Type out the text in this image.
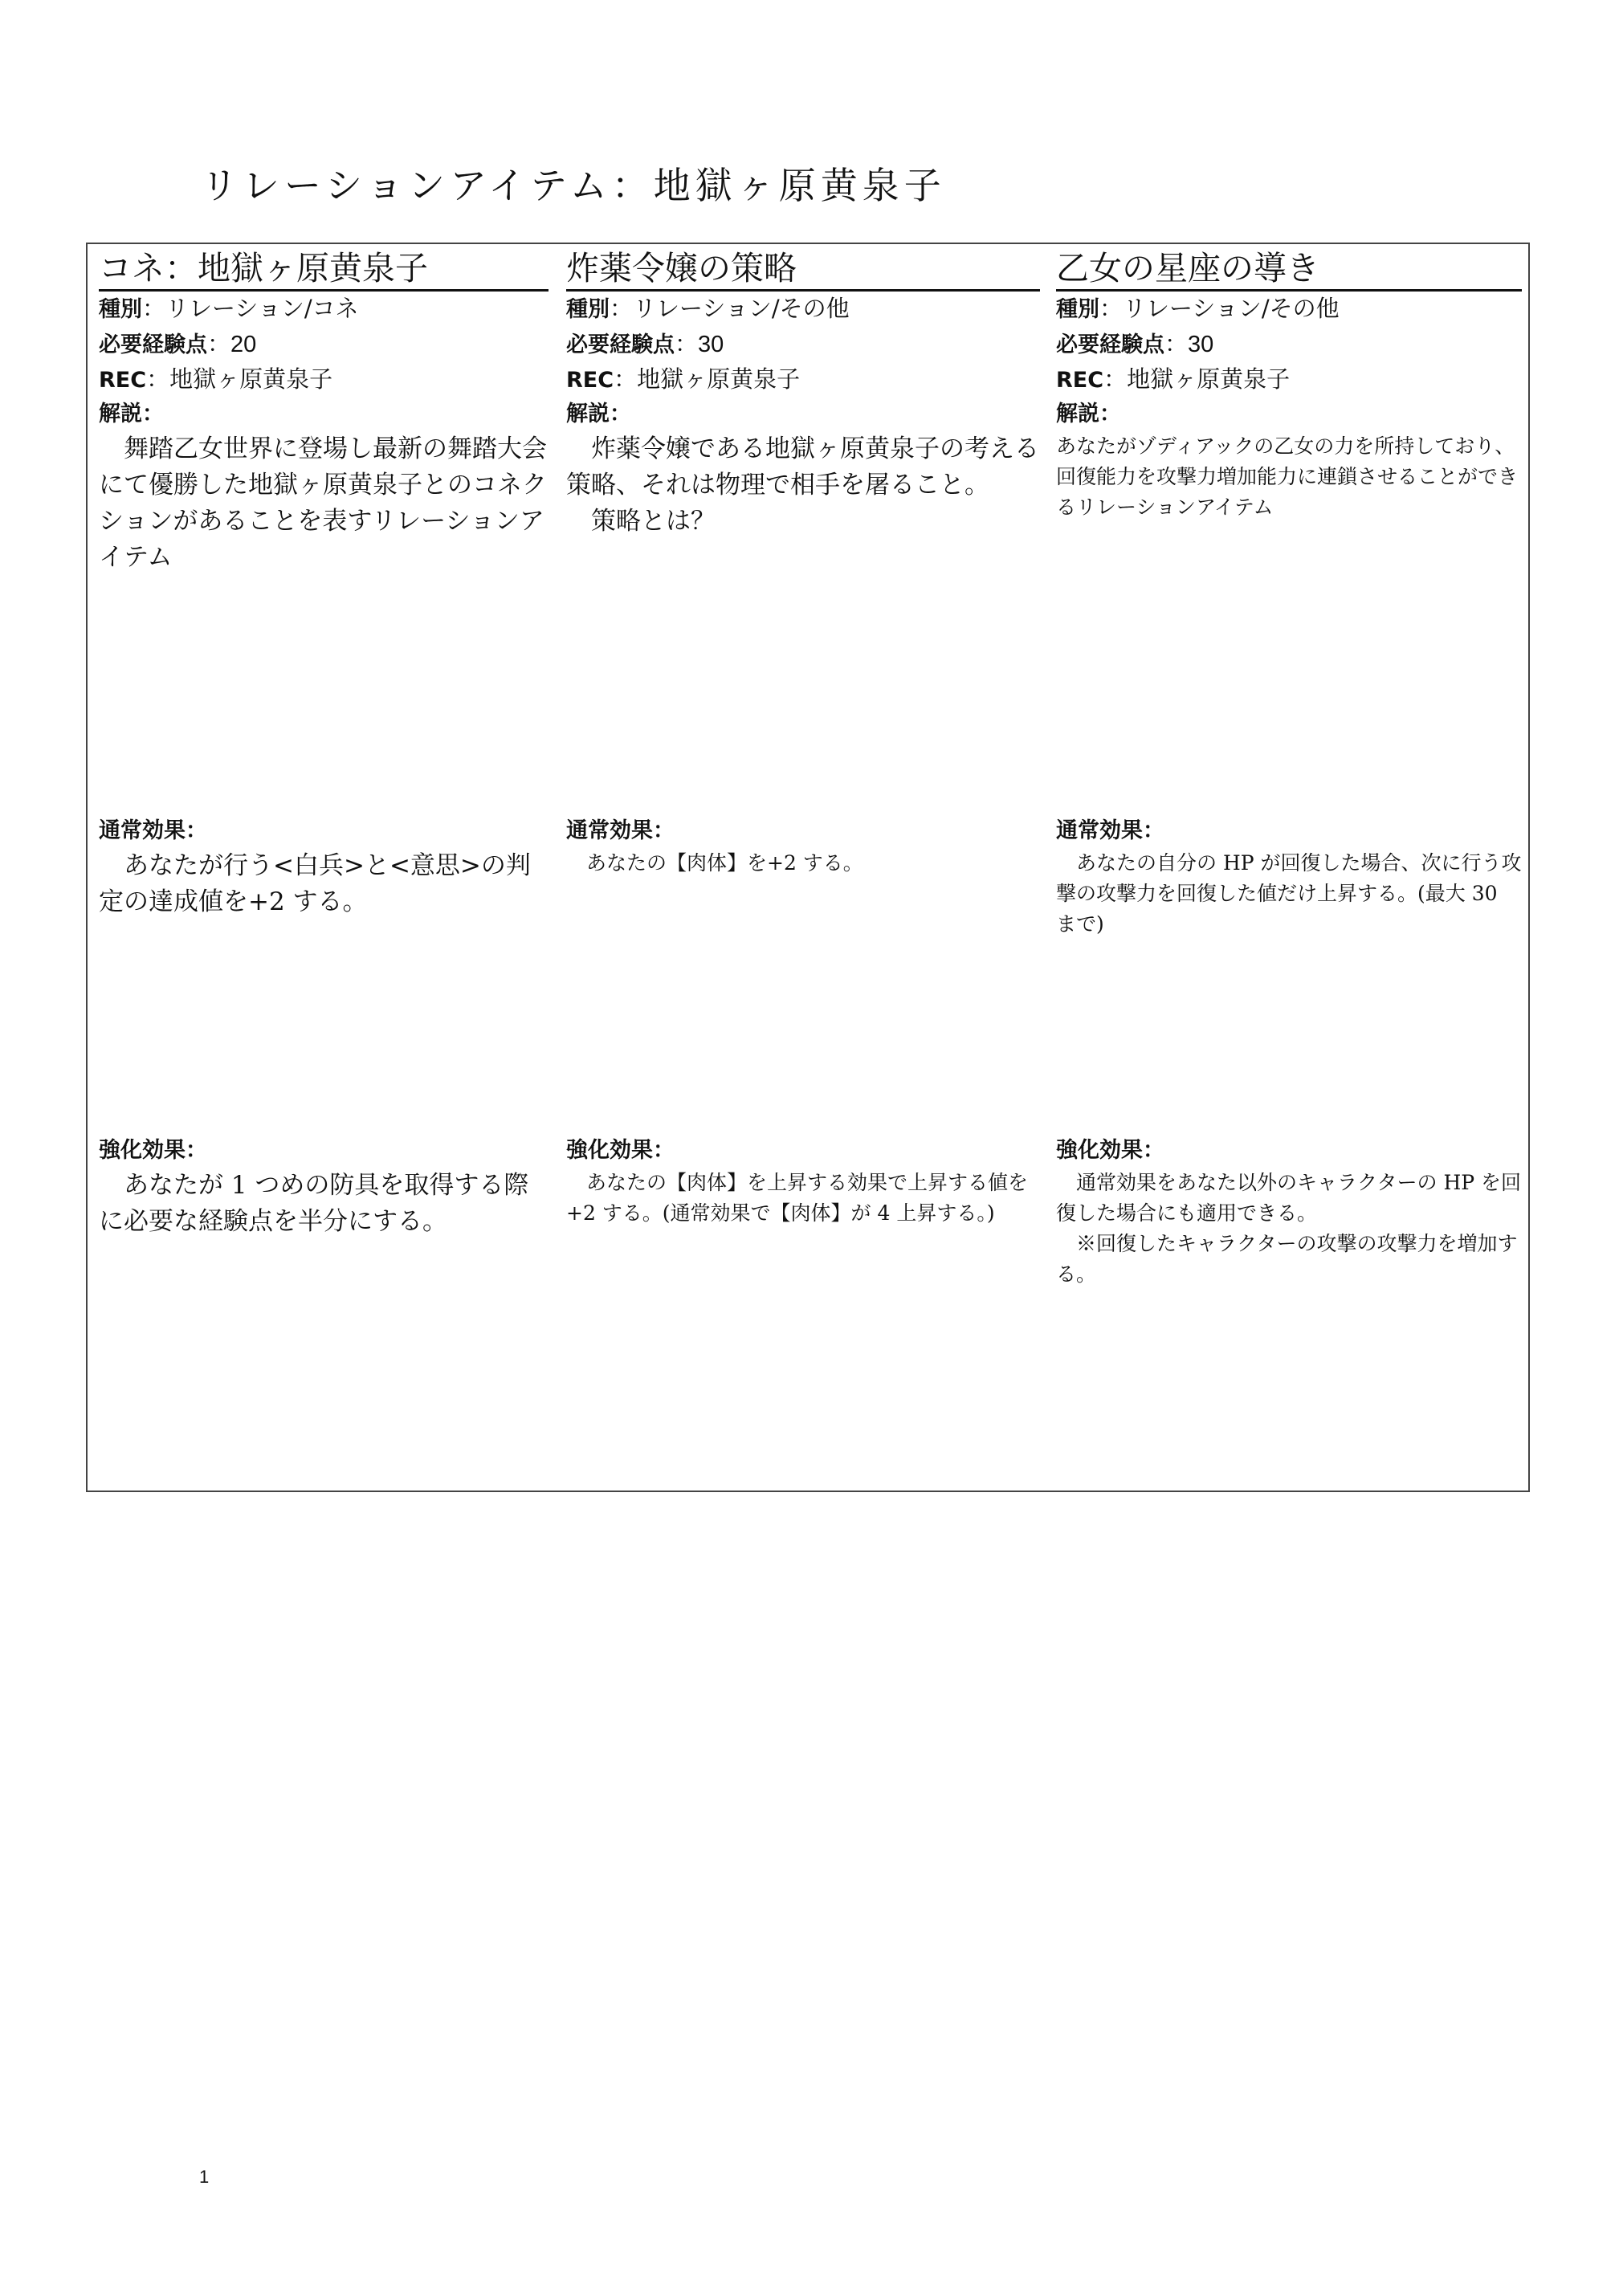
リレーションアイテム：地獄ヶ原黄泉子
コネ：地獄ヶ原黄泉子
種別：リレーション/コネ
必要経験点：20
REC：地獄ヶ原黄泉子
解説：

　舞踏乙女世界に登場し最新の舞踏大会にて優勝した地獄ヶ原黄泉子とのコネクションがあることを表すリレーションアイテム

通常効果：

　あなたが行う<白兵>と<意思>の判定の達成値を+2 する。

強化効果：

　あなたが 1 つめの防具を取得する際に必要な経験点を半分にする。

炸薬令嬢の策略
種別：リレーション/その他
必要経験点：30
REC：地獄ヶ原黄泉子
解説：

　炸薬令嬢である地獄ヶ原黄泉子の考える策略、それは物理で相手を屠ること。
　策略とは？

通常効果：

　あなたの【肉体】を+2 する。

強化効果：

　あなたの【肉体】を上昇する効果で上昇する値を+2 する。(通常効果で【肉体】が 4 上昇する。)

乙女の星座の導き
種別：リレーション/その他
必要経験点：30
REC：地獄ヶ原黄泉子
解説：

あなたがゾディアックの乙女の力を所持しており、回復能力を攻撃力増加能力に連鎖させることができるリレーションアイテム

通常効果：

　あなたの自分の HP が回復した場合、次に行う攻撃の攻撃力を回復した値だけ上昇する。(最大 30 まで)

強化効果：

　通常効果をあなた以外のキャラクターの HP を回復した場合にも適用できる。
　※回復したキャラクターの攻撃の攻撃力を増加する。

1
